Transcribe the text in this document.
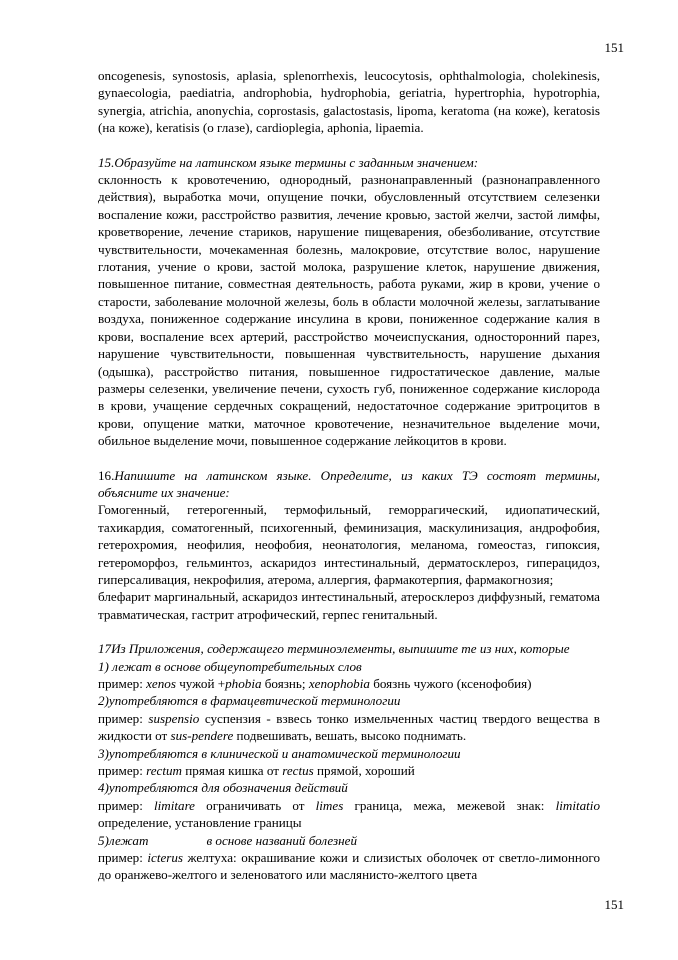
151

oncogenesis, synostosis, aplasia, splenorrhexis, leucocytosis, ophthalmologia, cholekinesis, gynaecologia, paediatria, androphobia, hydrophobia, geriatria, hypertrophia, hypotrophia, synergia, atrichia, anonychia, coprostasis, galactostasis, lipoma, keratoma (на коже), keratosis (на коже), keratisis (о глазе), cardioplegia, aphonia, lipaemia.

15.Образуйте на латинском языке термины с заданным значением:

склонность к кровотечению, однородный, разнонаправленный (разнонаправленного действия), выработка мочи, опущение почки, обусловленный отсутствием селезенки воспаление кожи, расстройство развития, лечение кровью, застой желчи, застой лимфы, кроветворение, лечение стариков, нарушение пищеварения, обезболивание, отсутствие чувствительности, мочекаменная болезнь, малокровие, отсутствие волос, нарушение глотания, учение о крови, застой молока, разрушение клеток, нарушение движения, повышенное питание, совместная деятельность, работа руками, жир в крови, учение о старости, заболевание молочной железы, боль в области молочной железы, заглатывание воздуха, пониженное содержание инсулина в крови, пониженное содержание калия в крови, воспаление всех артерий, расстройство мочеиспускания, односторонний парез, нарушение чувствительности, повышенная чувствительность, нарушение дыхания (одышка), расстройство питания, повышенное гидростатическое давление, малые размеры селезенки, увеличение печени, сухость губ, пониженное содержание кислорода в крови, учащение сердечных сокращений, недостаточное содержание эритроцитов в крови, опущение матки, маточное кровотечение, незначительное выделение мочи, обильное выделение мочи, повышенное содержание лейкоцитов в крови.

16.Напишите на латинском языке. Определите, из каких ТЭ состоят термины, объясните их значение:

Гомогенный, гетерогенный, термофильный, геморрагический, идиопатический, тахикардия, соматогенный, психогенный, феминизация, маскулинизация, андрофобия, гетерохромия, неофилия, неофобия, неонатология, меланома, гомеостаз, гипоксия, гетероморфоз, гельминтоз, аскаридоз интестинальный, дерматосклероз, гиперацидоз, гиперсаливация, некрофилия, атерома, аллергия, фармакотерпия, фармакогнозия;

блефарит маргинальный, аскаридоз интестинальный, атеросклероз диффузный, гематома травматическая, гастрит атрофический, герпес генитальный.

17Из Приложения, содержащего терминоэлементы, выпишите те из них, которые

1) лежат в основе общеупотребительных слов

пример: xenos чужой +phobia боязнь; xenophobia боязнь чужого (ксенофобия)

2)употребляются в фармацевтической терминологии

пример: suspensio суспензия - взвесь тонко измельченных частиц твердого вещества в жидкости от sus-pendere подвешивать, вешать, высоко поднимать.

3)употребляются в клинической и анатомической терминологии

пример: rectum прямая кишка от rectus прямой, хороший

4)употребляются для обозначения действий

пример: limitare ограничивать от limes граница, межа, межевой знак: limitatio определение, установление границы

5)лежат	в основе названий болезней

пример: icterus желтуха: окрашивание кожи и слизистых оболочек от светло-лимонного до оранжево-желтого и зеленоватого или маслянисто-желтого цвета

151
